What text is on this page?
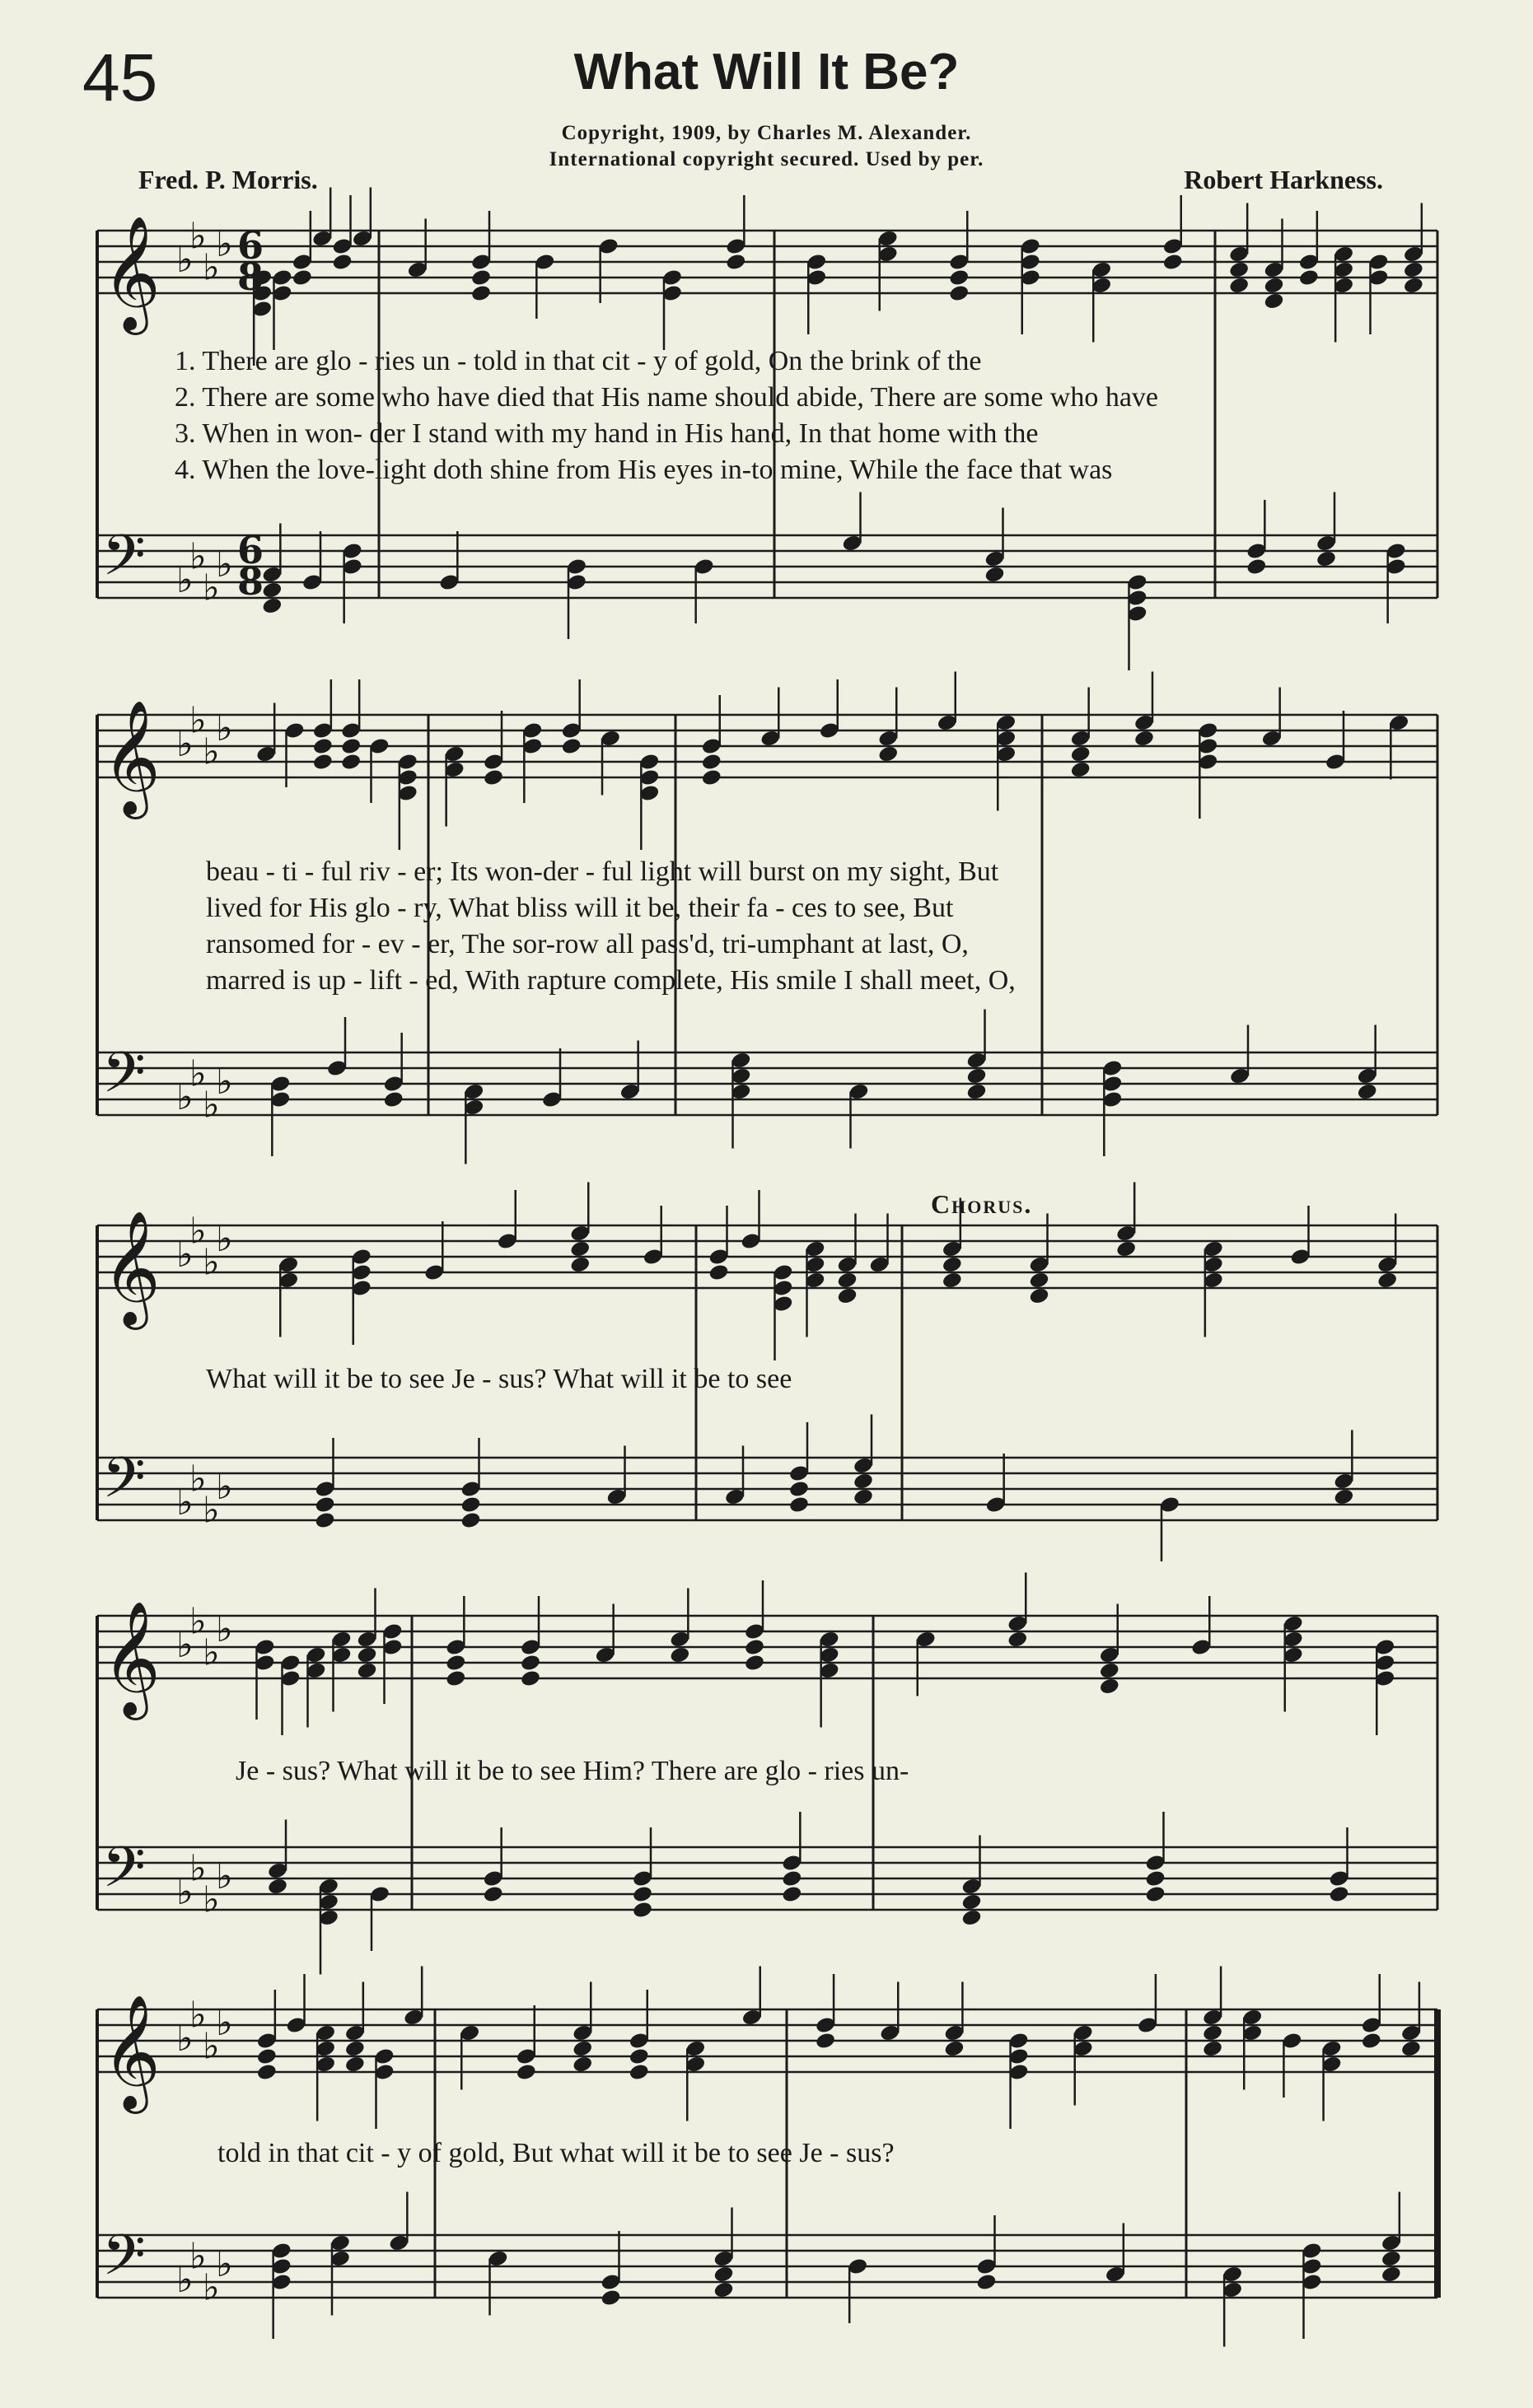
45	What Will It Be?
Copyright, 1909, by Charles M. Alexander.
International copyright secured. Used by per.
Fred. P. Morris.	Robert Harkness.
𝄞 ♭
♭
♭
♭
𝄢 ♭
♭
♭
♭
𝄞 ♭
♭
♭
♭
𝄢 ♭
♭
♭
♭
𝄞 ♭
♭
♭
♭
𝄢 ♭
♭
♭
♭
𝄞 ♭
♭
♭
♭
𝄢 ♭
♭
♭
♭
𝄞 ♭
♭
♭
♭
𝄢 ♭
♭
♭
♭
6
8
6
8
1. There are glo - ries un - told in that cit - y of gold, On the brink of the
2. There are some who have died that His name should abide, There are some who have
3. When in won- der I stand with my hand in His hand, In that home with the
4. When the love-light doth shine from His eyes in-to mine, While the face that was
beau - ti - ful riv - er; Its won-der - ful light will burst on my sight, But
lived for His glo - ry, What bliss will it be, their fa - ces to see, But
ransomed for - ev - er, The sor-row all pass'd, tri-umphant at last, O,
marred is up - lift - ed, With rapture complete, His smile I shall meet, O,
Chorus.
What will it be to see Je - sus? What will it be to see
Je - sus? What will it be to see Him? There are glo - ries un-
told in that cit - y of gold, But what will it be to see Je - sus?
